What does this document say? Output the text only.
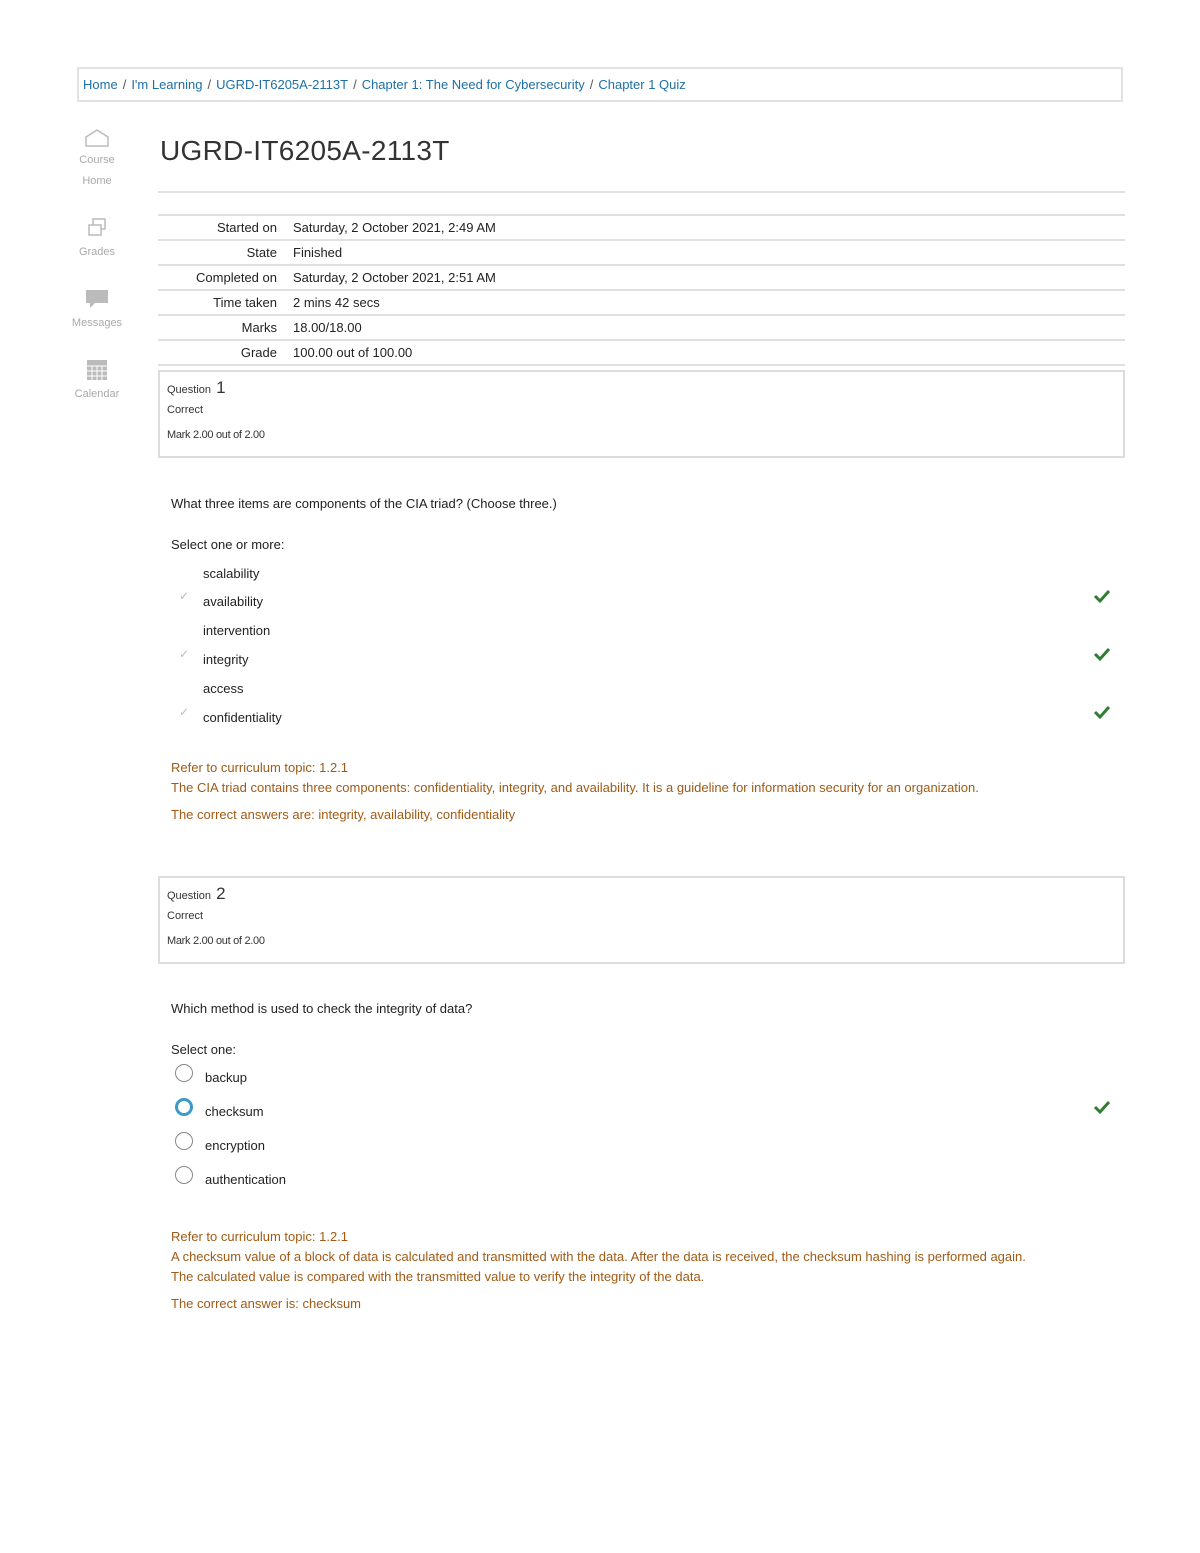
Home / I'm Learning / UGRD-IT6205A-2113T / Chapter 1: The Need for Cybersecurity / Chapter 1 Quiz
Course
Home
Grades
Messages
Calendar
UGRD-IT6205A-2113T
Started on	Saturday, 2 October 2021, 2:49 AM
State	Finished
Completed on	Saturday, 2 October 2021, 2:51 AM
Time taken	2 mins 42 secs
Marks	18.00/18.00
Grade	100.00 out of 100.00
Question 1
Correct
Mark 2.00 out of 2.00
What three items are components of the CIA triad? (Choose three.)
Select one or more:
scalability
✓ availability
intervention
✓ integrity
access
✓ confidentiality
Refer to curriculum topic: 1.2.1
The CIA triad contains three components: confidentiality, integrity, and availability. It is a guideline for information security for an organization.
The correct answers are: integrity, availability, confidentiality
Question 2
Correct
Mark 2.00 out of 2.00
Which method is used to check the integrity of data?
Select one:
backup
checksum
encryption
authentication
Refer to curriculum topic: 1.2.1
A checksum value of a block of data is calculated and transmitted with the data. After the data is received, the checksum hashing is performed again.
The calculated value is compared with the transmitted value to verify the integrity of the data.
The correct answer is: checksum
